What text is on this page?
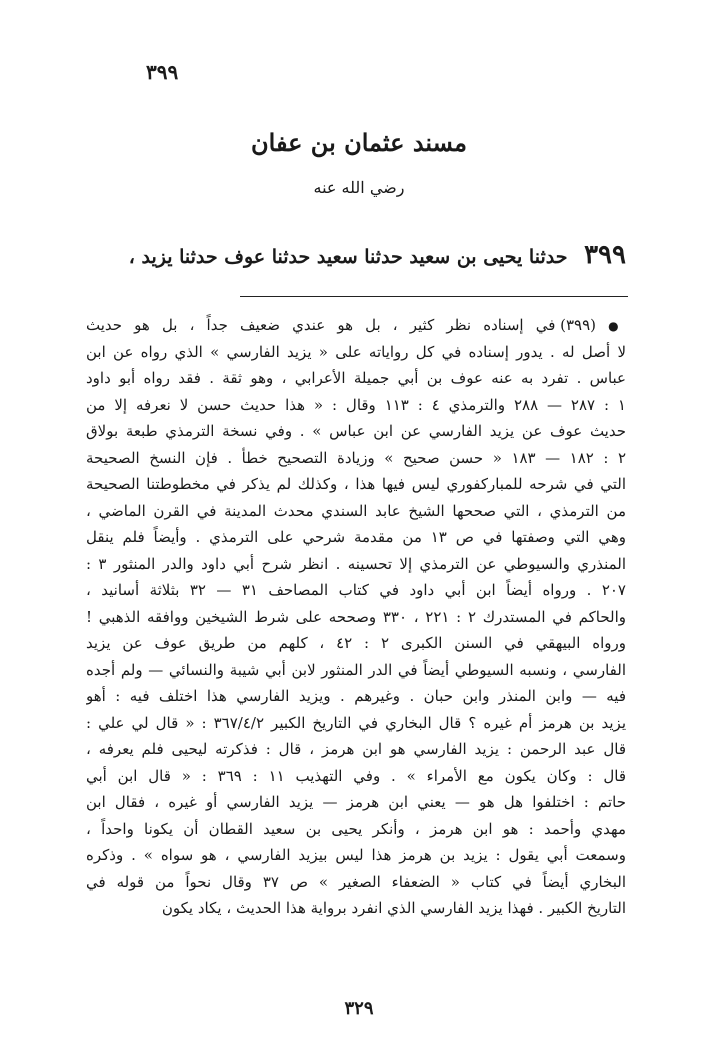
٣٩٩
مسند عثمان بن عفان
رضي الله عنه
٣٩٩ حدثنا يحيى بن سعيد حدثنا سعيد حدثنا عوف حدثنا يزيد ،
● (٣٩٩) في إسناده نظر كثير ، بل هو عندي ضعيف جداً ، بل هو حديث
لا أصل له . يدور إسناده في كل رواياته على « يزيد الفارسي » الذي رواه عن ابن
عباس . تفرد به عنه عوف بن أبي جميلة الأعرابي ، وهو ثقة . فقد رواه أبو داود
١ : ٢٨٧ — ٢٨٨ والترمذي ٤ : ١١٣ وقال : « هذا حديث حسن لا نعرفه إلا من
حديث عوف عن يزيد الفارسي عن ابن عباس » . وفي نسخة الترمذي طبعة بولاق
٢ : ١٨٢ — ١٨٣ « حسن صحيح » وزيادة التصحيح خطأ . فإن النسخ الصحيحة
التي في شرحه للمباركفوري ليس فيها هذا ، وكذلك لم يذكر في مخطوطتنا الصحيحة
من الترمذي ، التي صححها الشيخ عابد السندي محدث المدينة في القرن الماضي ،
وهي التي وصفتها في ص ١٣ من مقدمة شرحي على الترمذي . وأيضاً فلم ينقل
المنذري والسيوطي عن الترمذي إلا تحسينه . انظر شرح أبي داود والدر المنثور ٣ :
٢٠٧ . ورواه أيضاً ابن أبي داود في كتاب المصاحف ٣١ — ٣٢ بثلاثة أسانيد ،
والحاكم في المستدرك ٢ : ٢٢١ ، ٣٣٠ وصححه على شرط الشيخين ووافقه الذهبي !
ورواه البيهقي في السنن الكبرى ٢ : ٤٢ ، كلهم من طريق عوف عن يزيد
الفارسي ، ونسبه السيوطي أيضاً في الدر المنثور لابن أبي شيبة والنسائي — ولم أجده
فيه — وابن المنذر وابن حبان . وغيرهم . ويزيد الفارسي هذا اختلف فيه : أهو
يزيد بن هرمز أم غيره ؟ قال البخاري في التاريخ الكبير ٣٦٧/٤/٢ : « قال لي علي :
قال عبد الرحمن : يزيد الفارسي هو ابن هرمز ، قال : فذكرته ليحيى فلم يعرفه ،
قال : وكان يكون مع الأمراء » . وفي التهذيب ١١ : ٣٦٩ : « قال ابن أبي
حاتم : اختلفوا هل هو — يعني ابن هرمز — يزيد الفارسي أو غيره ، فقال ابن
مهدي وأحمد : هو ابن هرمز ، وأنكر يحيى بن سعيد القطان أن يكونا واحداً ،
وسمعت أبي يقول : يزيد بن هرمز هذا ليس بيزيد الفارسي ، هو سواه » . وذكره
البخاري أيضاً في كتاب « الضعفاء الصغير » ص ٣٧ وقال نحواً من قوله في
التاريخ الكبير . فهذا يزيد الفارسي الذي انفرد برواية هذا الحديث ، يكاد يكون
٣٢٩
